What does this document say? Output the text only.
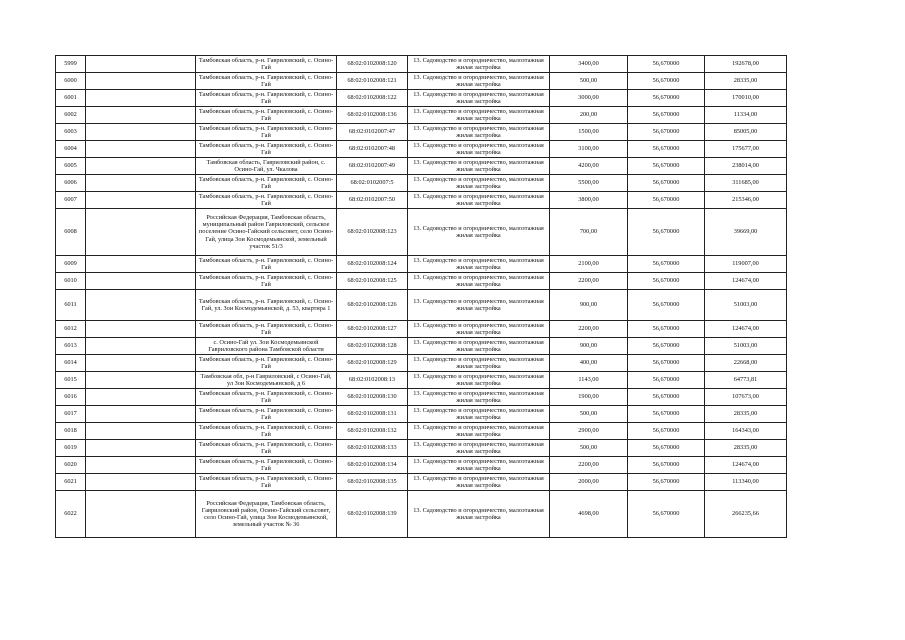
5999		Тамбовская область, р-н. Гавриловский, с. Осино-Гай	68:02:0102008:120	13. Садоводство и огородничество, малоэтажная жилая застройка	3400,00	56,670000	192678,00
6000		Тамбовская область, р-н. Гавриловский, с. Осино-Гай	68:02:0102008:121	13. Садоводство и огородничество, малоэтажная жилая застройка	500,00	56,670000	28335,00
6001		Тамбовская область, р-н. Гавриловский, с. Осино-Гай	68:02:0102008:122	13. Садоводство и огородничество, малоэтажная жилая застройка	3000,00	56,670000	170010,00
6002		Тамбовская область, р-н. Гавриловский, с. Осино-Гай	68:02:0102008:136	13. Садоводство и огородничество, малоэтажная жилая застройка	200,00	56,670000	11334,00
6003		Тамбовская область, р-н. Гавриловский, с. Осино-Гай	68:02:0102007:47	13. Садоводство и огородничество, малоэтажная жилая застройка	1500,00	56,670000	85005,00
6004		Тамбовская область, р-н. Гавриловский, с. Осино-Гай	68:02:0102007:48	13. Садоводство и огородничество, малоэтажная жилая застройка	3100,00	56,670000	175677,00
6005		Тамбовская область, Гавриловский район, с. Осино-Гай, ул. Чкалова	68:02:0102007:49	13. Садоводство и огородничество, малоэтажная жилая застройка	4200,00	56,670000	238014,00
6006		Тамбовская область, р-н. Гавриловский, с. Осино-Гай	68:02:0102007:5	13. Садоводство и огородничество, малоэтажная жилая застройка	5500,00	56,670000	311685,00
6007		Тамбовская область, р-н. Гавриловский, с. Осино-Гай	68:02:0102007:50	13. Садоводство и огородничество, малоэтажная жилая застройка	3800,00	56,670000	215346,00
6008		Российская Федерация, Тамбовская область, муниципальный район Гавриловский, сельское поселение Осино-Гайский сельсовет, село Осино-Гай, улица Зои Космодемьянской, земельный участок 51/3	68:02:0102008:123	13. Садоводство и огородничество, малоэтажная жилая застройка	700,00	56,670000	39669,00
6009		Тамбовская область, р-н. Гавриловский, с. Осино-Гай	68:02:0102008:124	13. Садоводство и огородничество, малоэтажная жилая застройка	2100,00	56,670000	119007,00
6010		Тамбовская область, р-н. Гавриловский, с. Осино-Гай	68:02:0102008:125	13. Садоводство и огородничество, малоэтажная жилая застройка	2200,00	56,670000	124674,00
6011		Тамбовская область, р-н. Гавриловский, с. Осино-Гай, ул. Зои Космодемьянской, д. 53, квартира 1	68:02:0102008:126	13. Садоводство и огородничество, малоэтажная жилая застройка	900,00	56,670000	51003,00
6012		Тамбовская область, р-н. Гавриловский, с. Осино-Гай	68:02:0102008:127	13. Садоводство и огородничество, малоэтажная жилая застройка	2200,00	56,670000	124674,00
6013		с. Осино-Гай ул. Зои Космодемьянской Гавриловского района Тамбовской области	68:02:0102008:128	13. Садоводство и огородничество, малоэтажная жилая застройка	900,00	56,670000	51003,00
6014		Тамбовская область, р-н. Гавриловский, с. Осино-Гай	68:02:0102008:129	13. Садоводство и огородничество, малоэтажная жилая застройка	400,00	56,670000	22668,00
6015		Тамбовская обл, р-н Гавриловский, с Осино-Гай, ул Зои Космодемьянской, д 6	68:02:0102008:13	13. Садоводство и огородничество, малоэтажная жилая застройка	1143,00	56,670000	64773,81
6016		Тамбовская область, р-н. Гавриловский, с. Осино-Гай	68:02:0102008:130	13. Садоводство и огородничество, малоэтажная жилая застройка	1900,00	56,670000	107673,00
6017		Тамбовская область, р-н. Гавриловский, с. Осино-Гай	68:02:0102008:131	13. Садоводство и огородничество, малоэтажная жилая застройка	500,00	56,670000	28335,00
6018		Тамбовская область, р-н. Гавриловский, с. Осино-Гай	68:02:0102008:132	13. Садоводство и огородничество, малоэтажная жилая застройка	2900,00	56,670000	164343,00
6019		Тамбовская область, р-н. Гавриловский, с. Осино-Гай	68:02:0102008:133	13. Садоводство и огородничество, малоэтажная жилая застройка	500,00	56,670000	28335,00
6020		Тамбовская область, р-н. Гавриловский, с. Осино-Гай	68:02:0102008:134	13. Садоводство и огородничество, малоэтажная жилая застройка	2200,00	56,670000	124674,00
6021		Тамбовская область, р-н. Гавриловский, с. Осино-Гай	68:02:0102008:135	13. Садоводство и огородничество, малоэтажная жилая застройка	2000,00	56,670000	113340,00
6022		Российская Федерация, Тамбовская область, Гавриловский район, Осино-Гайский сельсовет, село Осино-Гай, улица Зои Космодемьянской, земельный участок № 36	68:02:0102008:139	13. Садоводство и огородничество, малоэтажная жилая застройка	4698,00	56,670000	266235,66
